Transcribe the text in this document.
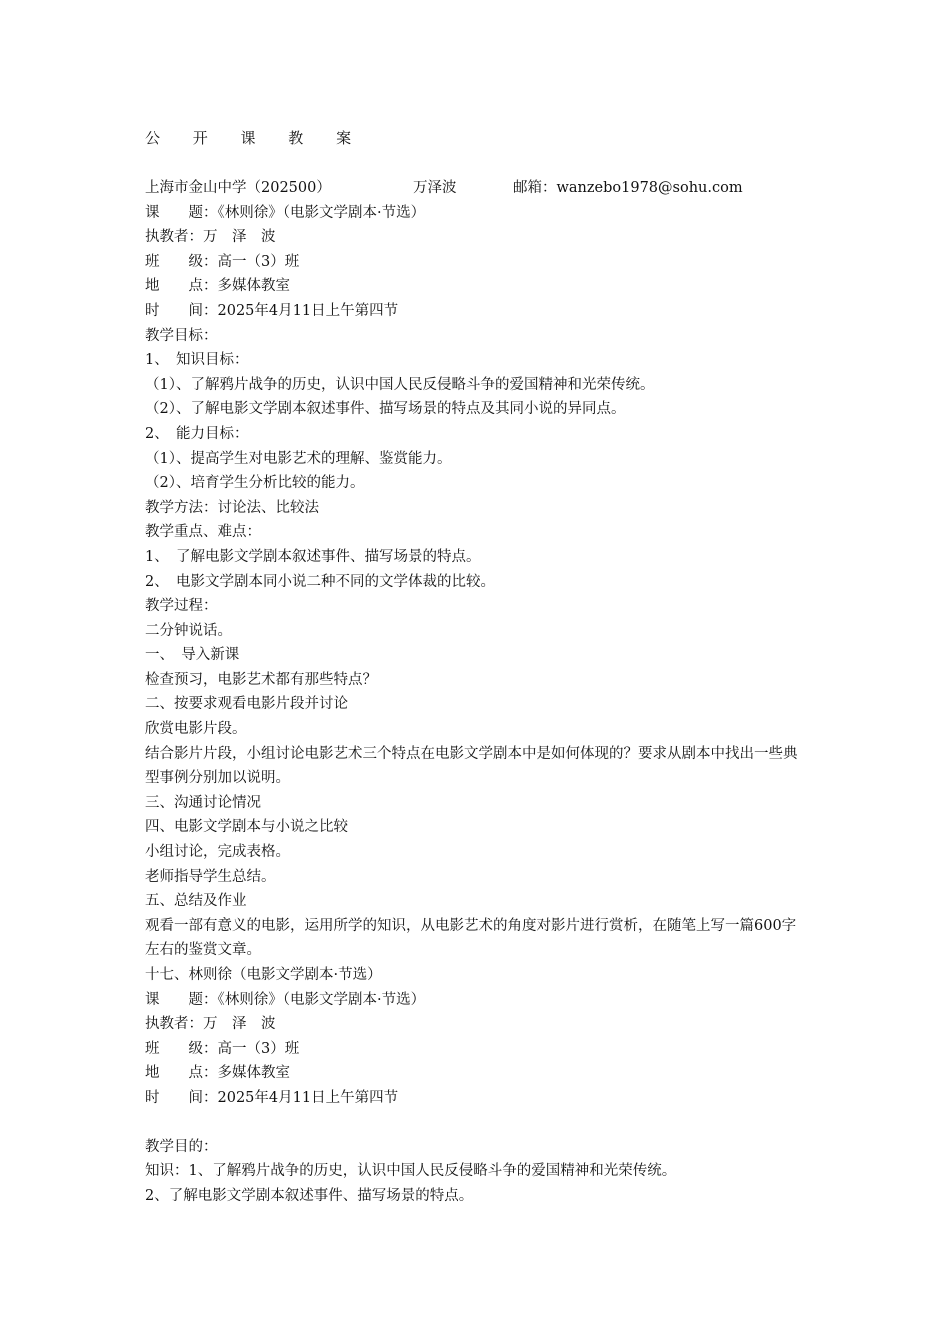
公 开 课 教 案
上海市金山中学（202500）	万泽波	邮箱：wanzebo1978@sohu.com
课　　题：《林则徐》（电影文学剧本·节选）
执教者：万　泽　波
班　　级：高一（3）班
地　　点：多媒体教室
时　　间：2025年4月11日上午第四节
教学目标：
1、　知识目标：
（1）、了解鸦片战争的历史，认识中国人民反侵略斗争的爱国精神和光荣传统。
（2）、了解电影文学剧本叙述事件、描写场景的特点及其同小说的异同点。
2、　能力目标：
（1）、提高学生对电影艺术的理解、鉴赏能力。
（2）、培育学生分析比较的能力。
教学方法：讨论法、比较法
教学重点、难点：
1、　了解电影文学剧本叙述事件、描写场景的特点。
2、　电影文学剧本同小说二种不同的文学体裁的比较。
教学过程：
二分钟说话。
一、　导入新课
检查预习，电影艺术都有那些特点？
二、按要求观看电影片段并讨论
欣赏电影片段。
结合影片片段，小组讨论电影艺术三个特点在电影文学剧本中是如何体现的？要求从剧本中找出一些典型事例分别加以说明。
三、沟通讨论情况
四、电影文学剧本与小说之比较
小组讨论，完成表格。
老师指导学生总结。
五、总结及作业
观看一部有意义的电影，运用所学的知识，从电影艺术的角度对影片进行赏析，在随笔上写一篇600字左右的鉴赏文章。
十七、林则徐（电影文学剧本·节选）
课　　题：《林则徐》（电影文学剧本·节选）
执教者：万　泽　波
班　　级：高一（3）班
地　　点：多媒体教室
时　　间：2025年4月11日上午第四节
教学目的：
知识：1、了解鸦片战争的历史，认识中国人民反侵略斗争的爱国精神和光荣传统。
2、了解电影文学剧本叙述事件、描写场景的特点。
